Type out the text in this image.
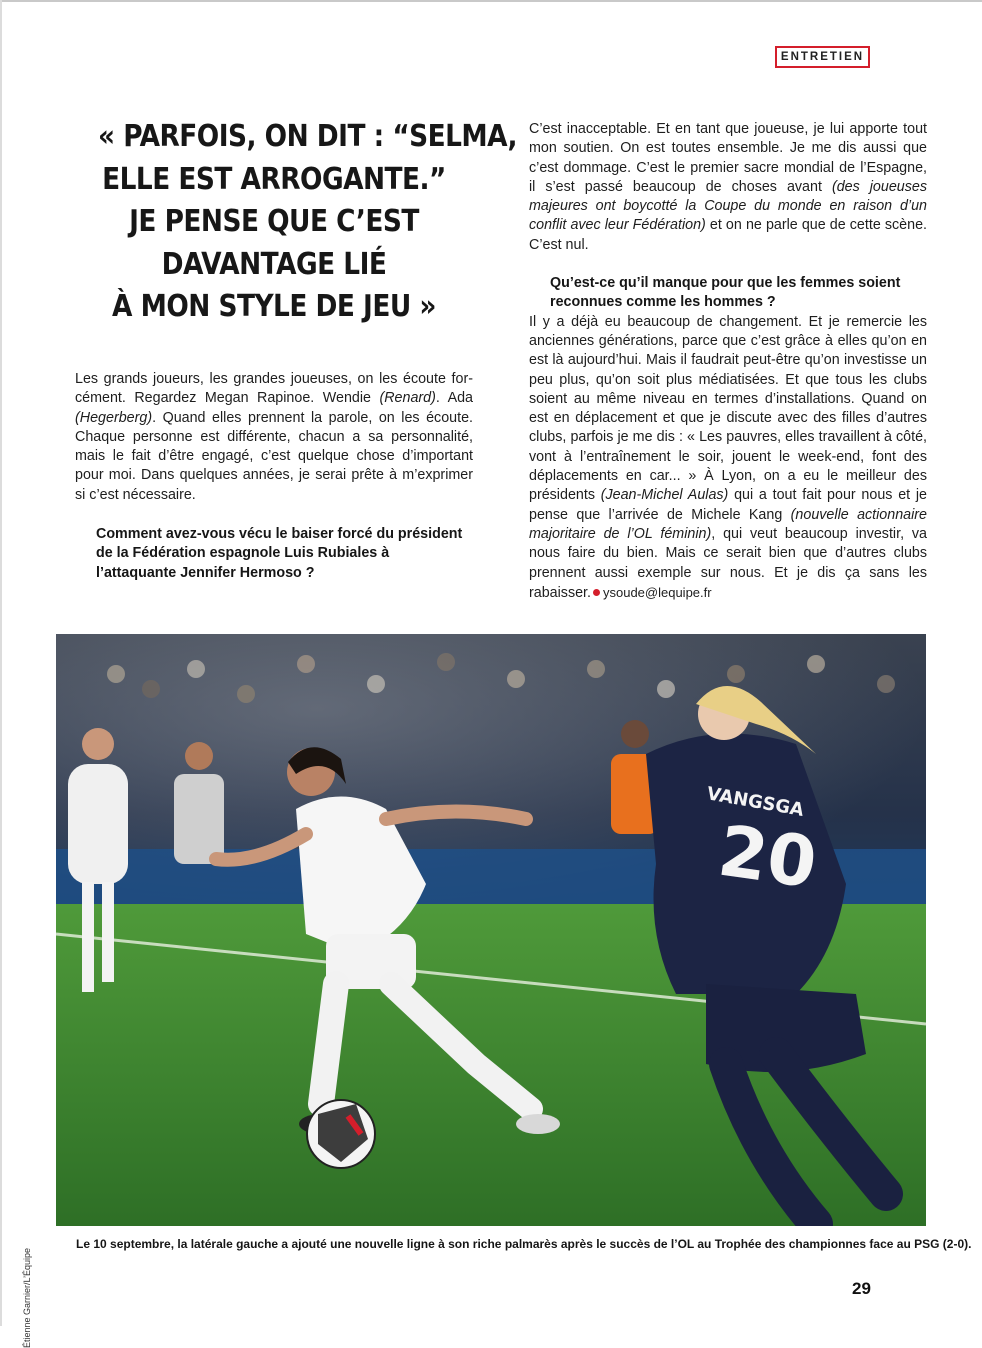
ENTRETIEN
« PARFOIS, ON DIT : “SELMA,
ELLE EST ARROGANTE.”
JE PENSE QUE C’EST
DAVANTAGE LIÉ
À MON STYLE DE JEU »

Les grands joueurs, les grandes joueuses, on les écoute for-cément. Regardez Megan Rapinoe. Wendie (Renard). Ada (Hegerberg). Quand elles prennent la parole, on les écoute. Chaque personne est différente, chacun a sa personnalité, mais le fait d’être engagé, c’est quelque chose d’important pour moi. Dans quelques années, je serai prête à m’exprimer si c’est nécessaire.

Comment avez-vous vécu le baiser forcé du président
de la Fédération espagnole Luis Rubiales à
l’attaquante Jennifer Hermoso ?

C’est inacceptable. Et en tant que joueuse, je lui apporte tout mon soutien. On est toutes ensemble. Je me dis aussi que c’est dommage. C’est le premier sacre mondial de l’Espagne, il s’est passé beaucoup de choses avant (des joueuses majeures ont boycotté la Coupe du monde en raison d’un conflit avec leur Fédération) et on ne parle que de cette scène. C’est nul.

Qu’est-ce qu’il manque pour que les femmes soient
reconnues comme les hommes ?

Il y a déjà eu beaucoup de changement. Et je remercie les anciennes générations, parce que c’est grâce à elles qu’on en est là aujourd’hui. Mais il faudrait peut-être qu’on investisse un peu plus, qu’on soit plus médiatisées. Et que tous les clubs soient au même niveau en termes d’installations. Quand on est en déplacement et que je discute avec des filles d’autres clubs, parfois je me dis : « Les pauvres, elles travaillent à côté, vont à l’entraînement le soir, jouent le week-end, font des déplacements en car... » À Lyon, on a eu le meilleur des présidents (Jean-Michel Aulas) qui a tout fait pour nous et je pense que l’arrivée de Michele Kang (nouvelle actionnaire majoritaire de l’OL féminin), qui veut beaucoup investir, va nous faire du bien. Mais ce serait bien que d’autres clubs prennent aussi exemple sur nous. Et je dis ça sans les rabaisser. ysoude@lequipe.fr

VANGSGA
20
Étienne Garnier/L’Équipe
Le 10 septembre, la latérale gauche a ajouté une nouvelle ligne à son riche palmarès après le succès de l’OL au Trophée des championnes face au PSG (2-0).
29
